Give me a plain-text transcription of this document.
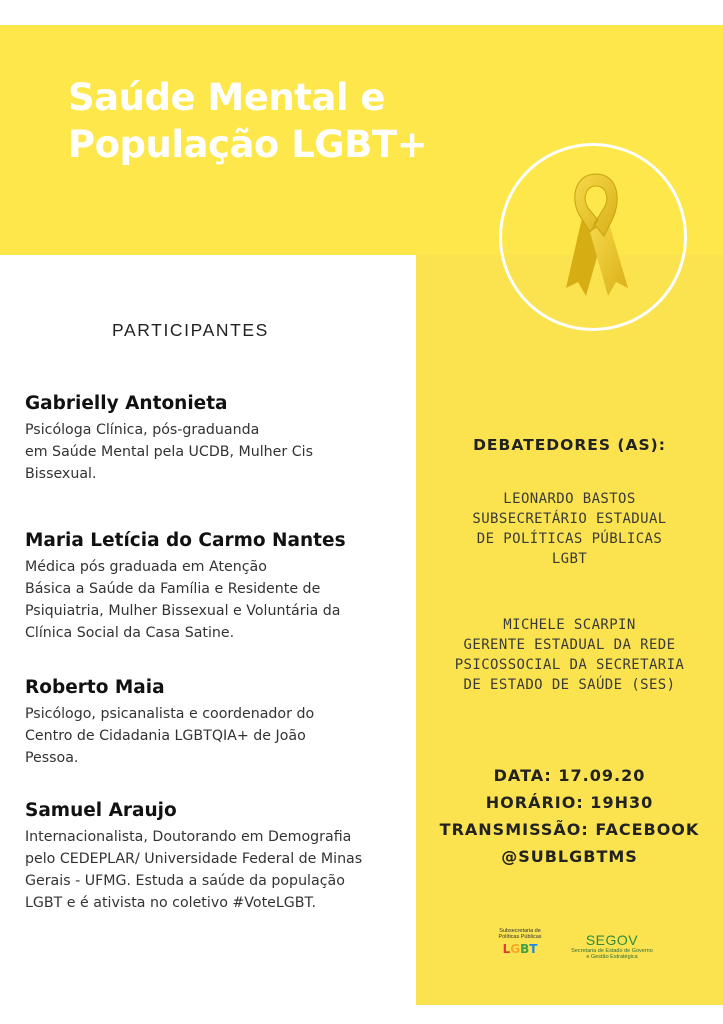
Saúde Mental e
População LGBT+
PARTICIPANTES
Gabrielly Antonieta

Psicóloga Clínica, pós-graduanda
em Saúde Mental pela UCDB, Mulher Cis
Bissexual.

Maria Letícia do Carmo Nantes

Médica pós graduada em Atenção
Básica a Saúde da Família e Residente de
Psiquiatria, Mulher Bissexual e Voluntária da
Clínica Social da Casa Satine.

Roberto Maia

Psicólogo, psicanalista e coordenador do
Centro de Cidadania LGBTQIA+ de João
Pessoa.

Samuel Araujo

Internacionalista, Doutorando em Demografia
pelo CEDEPLAR/ Universidade Federal de Minas
Gerais - UFMG. Estuda a saúde da população
LGBT e é ativista no coletivo #VoteLGBT.

DEBATEDORES (AS):
LEONARDO BASTOS
SUBSECRETÁRIO ESTADUAL
DE POLÍTICAS PÚBLICAS
LGBT
MICHELE SCARPIN
GERENTE ESTADUAL DA REDE
PSICOSSOCIAL DA SECRETARIA
DE ESTADO DE SAÚDE (SES)
DATA: 17.09.20
HORÁRIO: 19H30
TRANSMISSÃO: FACEBOOK
@SUBLGBTMS
Subsecretaria de
Políticas Públicas
LGBT
SEGOV
Secretaria de Estado de Governo
e Gestão Estratégica
